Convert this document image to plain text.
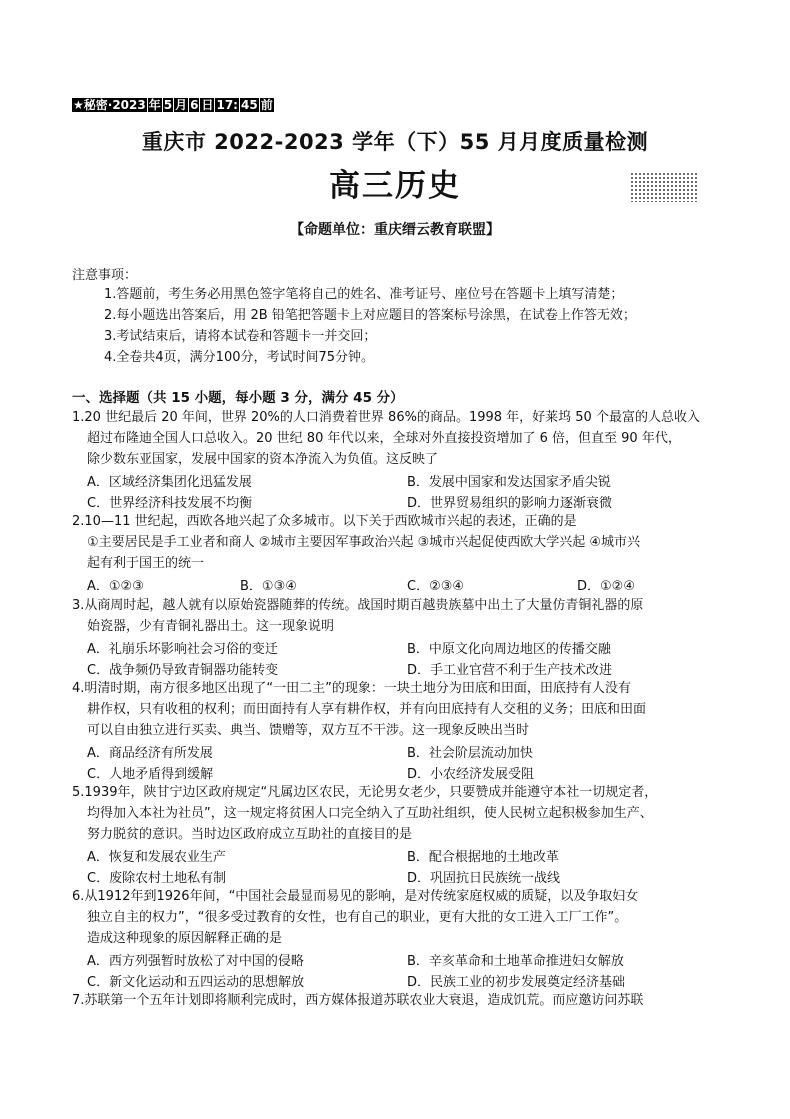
★秘密·2023 年 5 月 6 日 17: 45 前
重庆市 2022-2023 学年（下）55 月月度质量检测
高三历史
【命题单位：重庆缙云教育联盟】
注意事项：
1.答题前，考生务必用黑色签字笔将自己的姓名、准考证号、座位号在答题卡上填写清楚；
2.每小题选出答案后，用 2B 铅笔把答题卡上对应题目的答案标号涂黑，在试卷上作答无效；
3.考试结束后，请将本试卷和答题卡一并交回；
4.全卷共4页，满分100分，考试时间75分钟。
一、选择题（共 15 小题，每小题 3 分，满分 45 分）
1.20 世纪最后 20 年间，世界 20%的人口消费着世界 86%的商品。1998 年，好莱坞 50 个最富的人总收入
超过布隆迪全国人口总收入。20 世纪 80 年代以来，全球对外直接投资增加了 6 倍，但直至 90 年代，
除少数东亚国家，发展中国家的资本净流入为负值。这反映了
A．区域经济集团化迅猛发展	B．发展中国家和发达国家矛盾尖锐
C．世界经济科技发展不均衡	D．世界贸易组织的影响力逐渐衰微
2.10—11 世纪起，西欧各地兴起了众多城市。以下关于西欧城市兴起的表述，正确的是
①主要居民是手工业者和商人 ②城市主要因军事政治兴起 ③城市兴起促使西欧大学兴起 ④城市兴
起有利于国王的统一
A．①②③	B．①③④	C．②③④	D．①②④
3.从商周时起，越人就有以原始瓷器随葬的传统。战国时期百越贵族墓中出土了大量仿青铜礼器的原
始瓷器，少有青铜礼器出土。这一现象说明
A．礼崩乐坏影响社会习俗的变迁	B．中原文化向周边地区的传播交融
C．战争频仍导致青铜器功能转变	D．手工业官营不利于生产技术改进
4.明清时期，南方很多地区出现了“一田二主”的现象：一块土地分为田底和田面，田底持有人没有
耕作权，只有收租的权利；而田面持有人享有耕作权，并有向田底持有人交租的义务；田底和田面
可以自由独立进行买卖、典当、馈赠等，双方互不干涉。这一现象反映出当时
A．商品经济有所发展	B．社会阶层流动加快
C．人地矛盾得到缓解	D．小农经济发展受阻
5.1939年，陕甘宁边区政府规定“凡属边区农民，无论男女老少，只要赞成并能遵守本社一切规定者，
均得加入本社为社员”，这一规定将贫困人口完全纳入了互助社组织，使人民树立起积极参加生产、
努力脱贫的意识。当时边区政府成立互助社的直接目的是
A．恢复和发展农业生产	B．配合根据地的土地改革
C．废除农村土地私有制	D．巩固抗日民族统一战线
6.从1912年到1926年间，“中国社会最显而易见的影响，是对传统家庭权威的质疑，以及争取妇女
独立自主的权力”，“很多受过教育的女性，也有自己的职业，更有大批的女工进入工厂工作”。
造成这种现象的原因解释正确的是
A．西方列强暂时放松了对中国的侵略	B．辛亥革命和土地革命推进妇女解放
C．新文化运动和五四运动的思想解放	D．民族工业的初步发展奠定经济基础
7.苏联第一个五年计划即将顺利完成时，西方媒体报道苏联农业大衰退，造成饥荒。而应邀访问苏联
